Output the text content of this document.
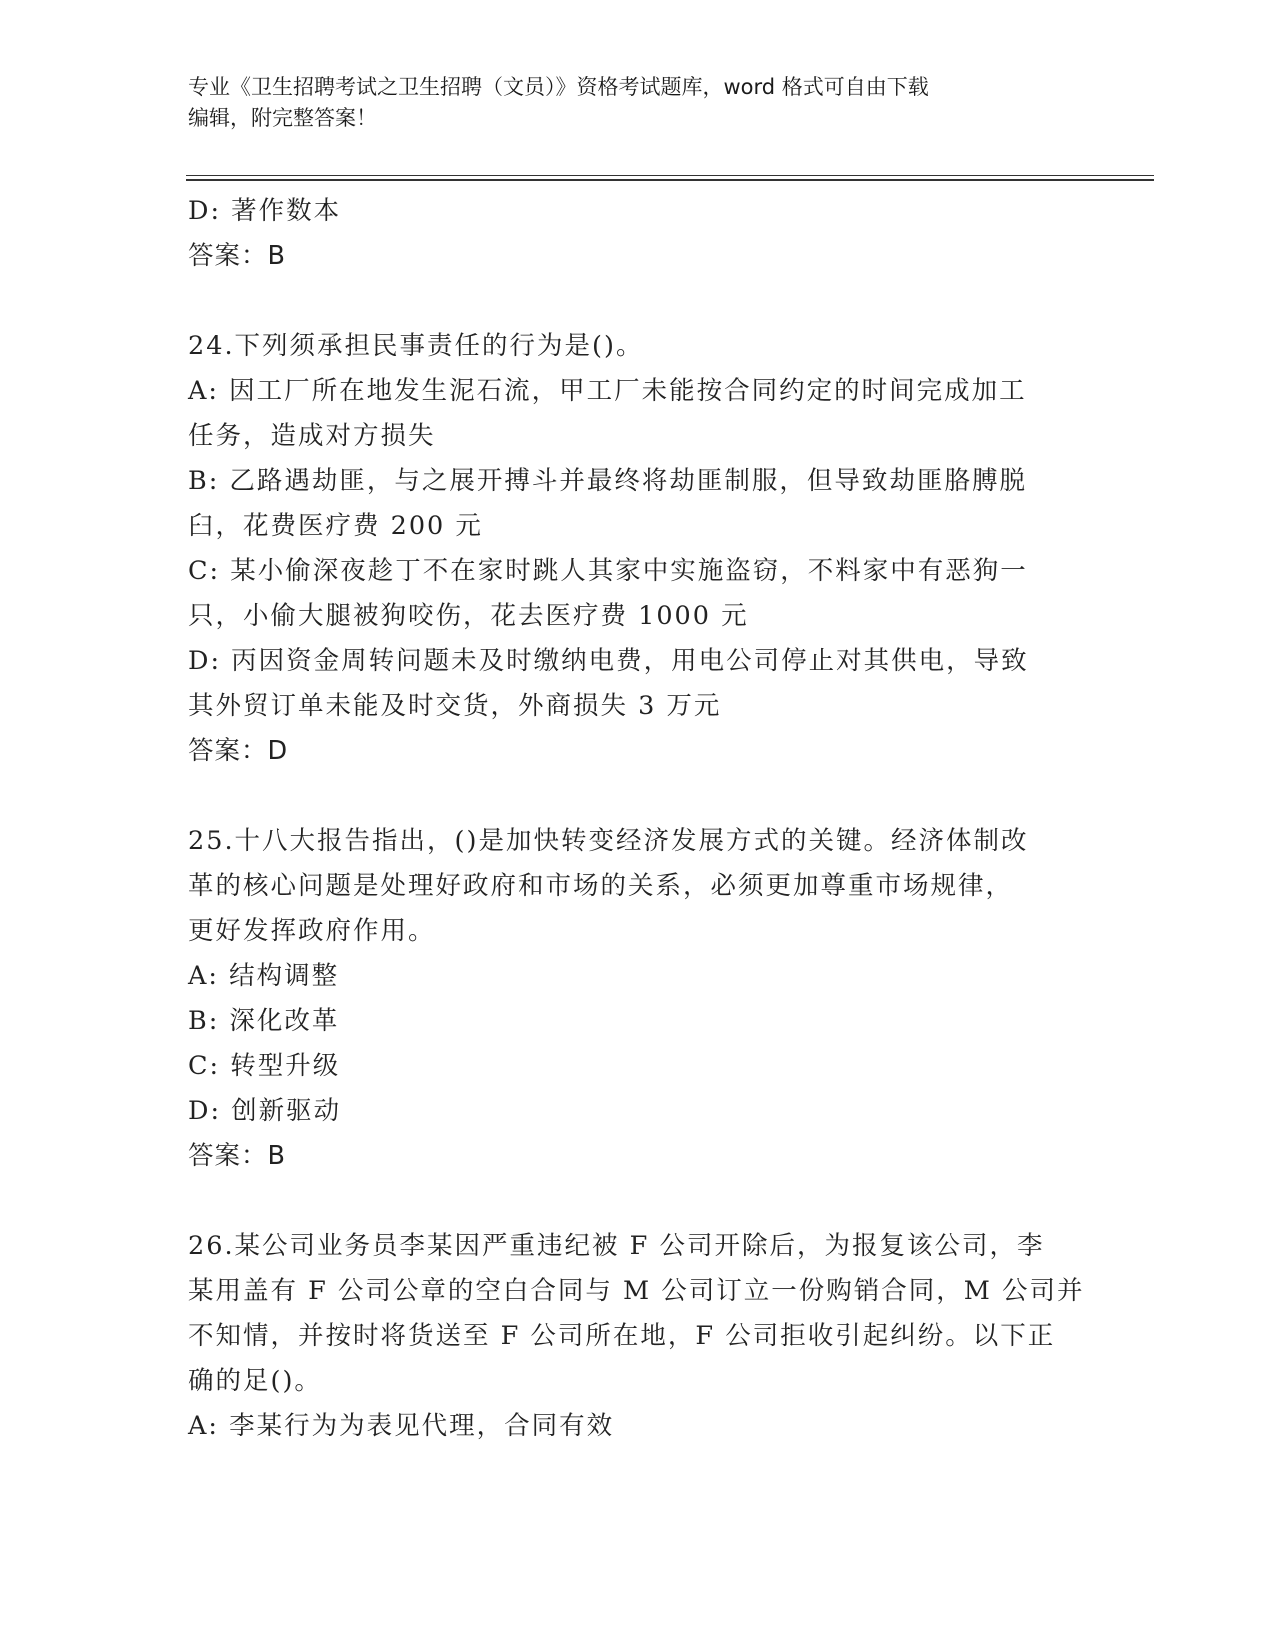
专业《卫生招聘考试之卫生招聘（文员）》资格考试题库，word 格式可自由下载
编辑，附完整答案！
D: 著作数本
答案：B
24.下列须承担民事责任的行为是()。
A: 因工厂所在地发生泥石流，甲工厂未能按合同约定的时间完成加工
任务，造成对方损失
B: 乙路遇劫匪，与之展开搏斗并最终将劫匪制服，但导致劫匪胳膊脱
臼，花费医疗费 200 元
C: 某小偷深夜趁丁不在家时跳人其家中实施盗窃，不料家中有恶狗一
只，小偷大腿被狗咬伤，花去医疗费 1000 元
D: 丙因资金周转问题未及时缴纳电费，用电公司停止对其供电，导致
其外贸订单未能及时交货，外商损失 3 万元
答案：D
25.十八大报告指出，()是加快转变经济发展方式的关键。经济体制改
革的核心问题是处理好政府和市场的关系，必须更加尊重市场规律，
更好发挥政府作用。
A: 结构调整
B: 深化改革
C: 转型升级
D: 创新驱动
答案：B
26.某公司业务员李某因严重违纪被 F 公司开除后，为报复该公司，李
某用盖有 F 公司公章的空白合同与 M 公司订立一份购销合同，M 公司并
不知情，并按时将货送至 F 公司所在地，F 公司拒收引起纠纷。以下正
确的足()。
A: 李某行为为表见代理，合同有效
